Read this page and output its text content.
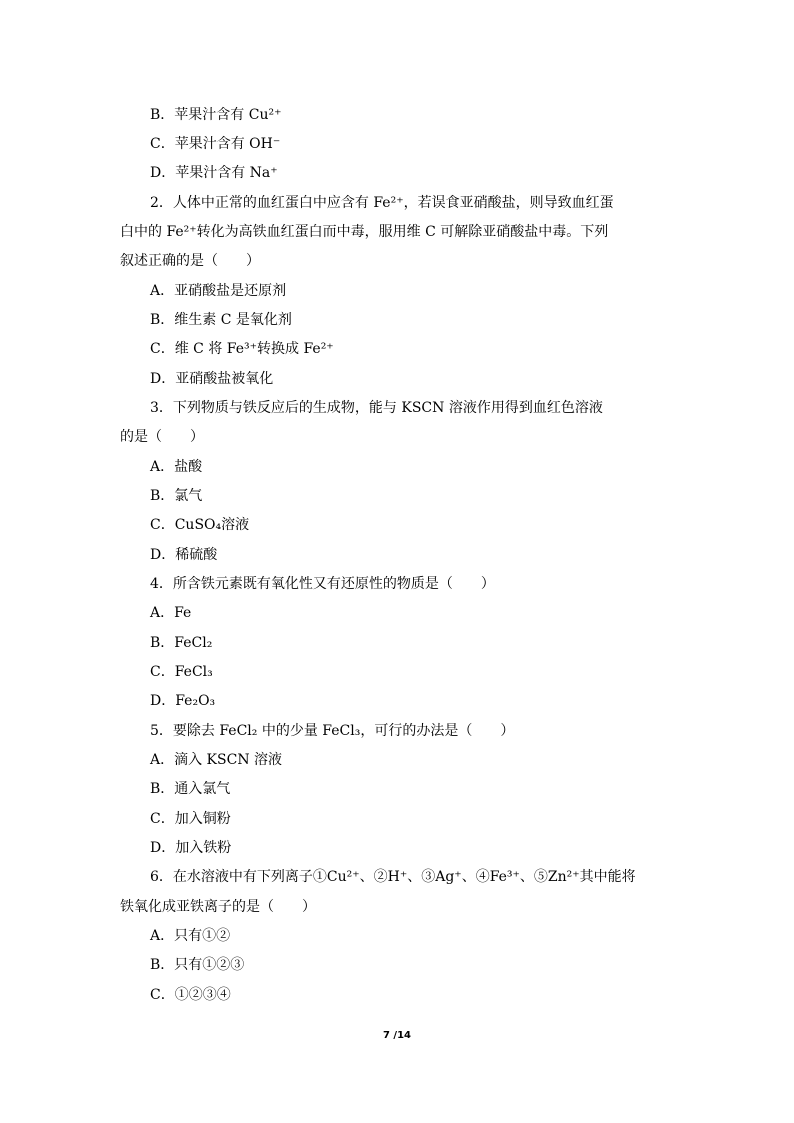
B．苹果汁含有 Cu²⁺
C．苹果汁含有 OH⁻
D．苹果汁含有 Na⁺
2．人体中正常的血红蛋白中应含有 Fe²⁺，若误食亚硝酸盐，则导致血红蛋
白中的 Fe²⁺转化为高铁血红蛋白而中毒，服用维 C 可解除亚硝酸盐中毒。下列
叙述正确的是（　　）
A．亚硝酸盐是还原剂
B．维生素 C 是氧化剂
C．维 C 将 Fe³⁺转换成 Fe²⁺
D．亚硝酸盐被氧化
3．下列物质与铁反应后的生成物，能与 KSCN 溶液作用得到血红色溶液
的是（　　）
A．盐酸
B．氯气
C．CuSO₄溶液
D．稀硫酸
4．所含铁元素既有氧化性又有还原性的物质是（　　）
A．Fe
B．FeCl₂
C．FeCl₃
D．Fe₂O₃
5．要除去 FeCl₂ 中的少量 FeCl₃，可行的办法是（　　）
A．滴入 KSCN 溶液
B．通入氯气
C．加入铜粉
D．加入铁粉
6．在水溶液中有下列离子①Cu²⁺、②H⁺、③Ag⁺、④Fe³⁺、⑤Zn²⁺其中能将
铁氧化成亚铁离子的是（　　）
A．只有①②
B．只有①②③
C．①②③④
7 /14
